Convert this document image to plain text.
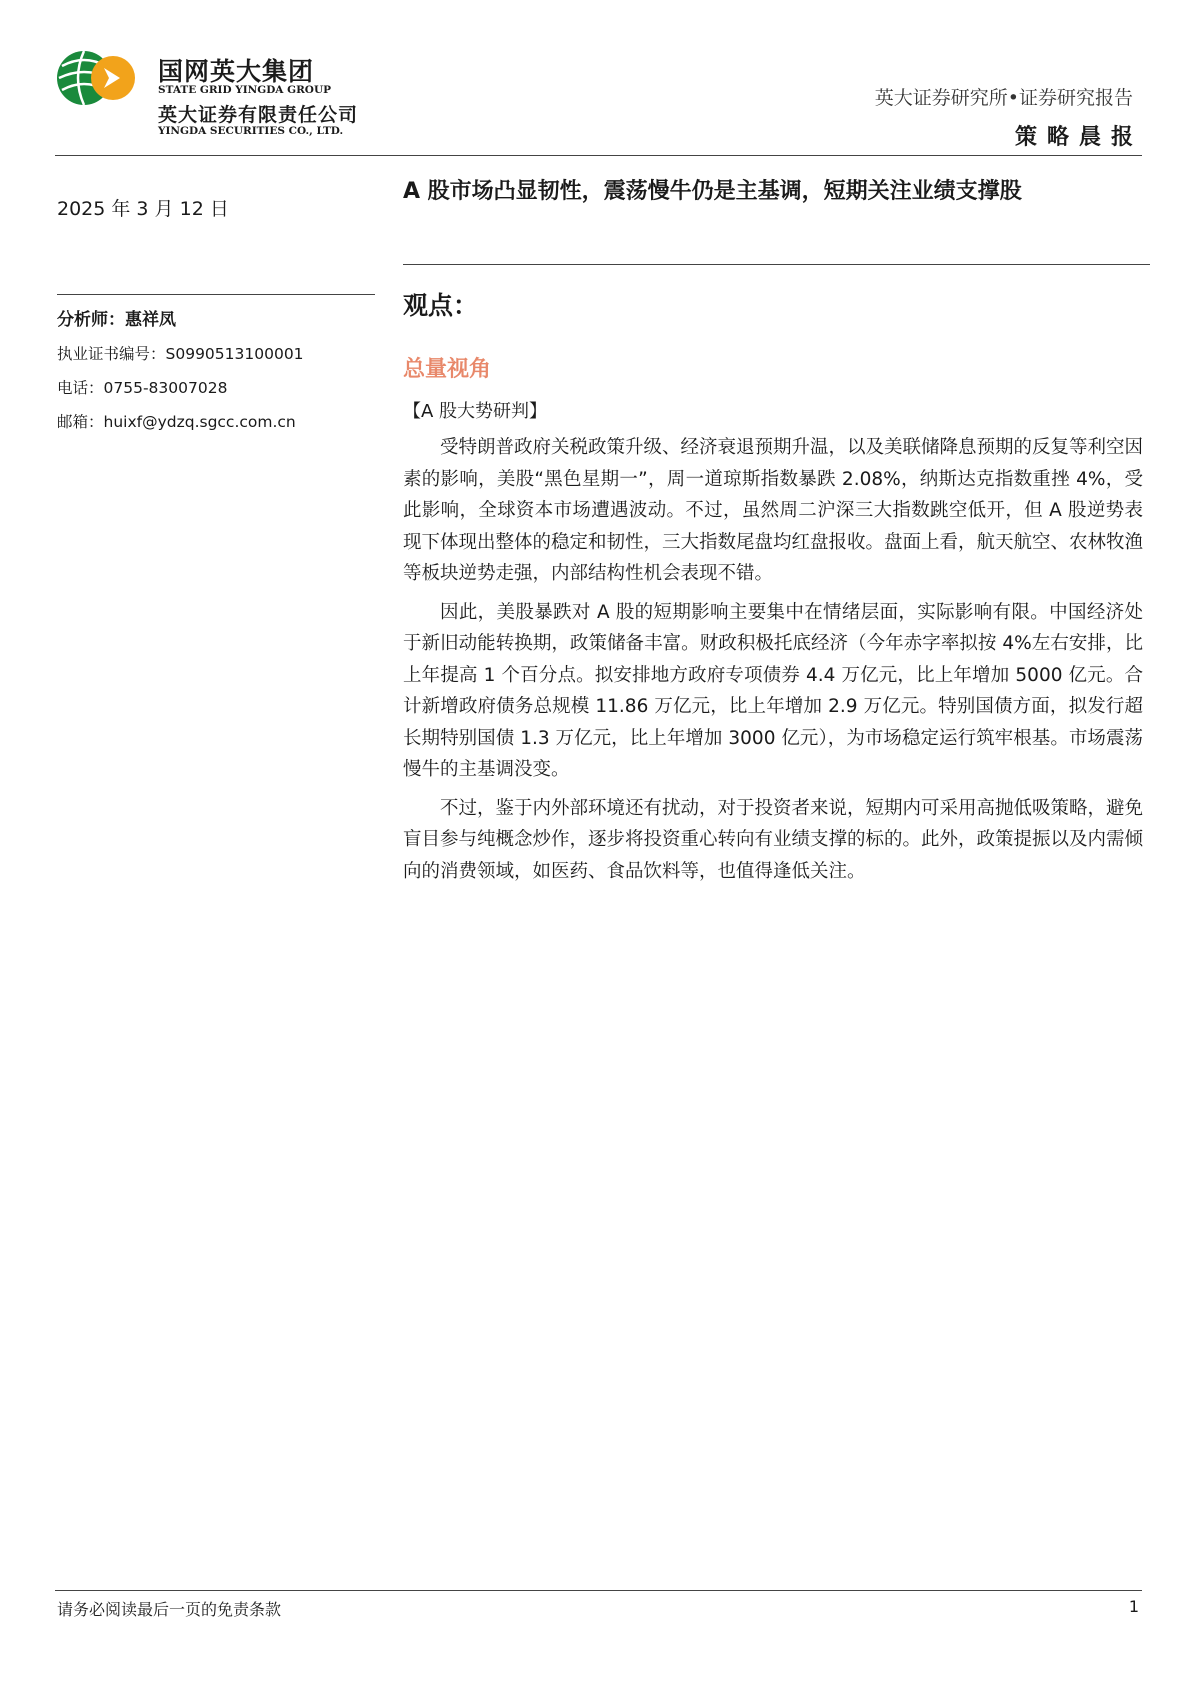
国网英大集团
STATE GRID YINGDA GROUP
英大证券有限责任公司
YINGDA SECURITIES CO., LTD.
英大证券研究所•证券研究报告
策略晨报
2025 年 3 月 12 日
分析师：惠祥凤
执业证书编号：S0990513100001
电话：0755-83007028
邮箱：huixf@ydzq.sgcc.com.cn
A 股市场凸显韧性，震荡慢牛仍是主基调，短期关注业绩支撑股
观点：
总量视角
【A 股大势研判】

受特朗普政府关税政策升级、经济衰退预期升温，以及美联储降息预期的反复等利空因素的影响，美股“黑色星期一”，周一道琼斯指数暴跌 2.08%，纳斯达克指数重挫 4%，受此影响，全球资本市场遭遇波动。不过，虽然周二沪深三大指数跳空低开，但 A 股逆势表现下体现出整体的稳定和韧性，三大指数尾盘均红盘报收。盘面上看，航天航空、农林牧渔等板块逆势走强，内部结构性机会表现不错。

因此，美股暴跌对 A 股的短期影响主要集中在情绪层面，实际影响有限。中国经济处于新旧动能转换期，政策储备丰富。财政积极托底经济（今年赤字率拟按 4%左右安排，比上年提高 1 个百分点。拟安排地方政府专项债券 4.4 万亿元，比上年增加 5000 亿元。合计新增政府债务总规模 11.86 万亿元，比上年增加 2.9 万亿元。特别国债方面，拟发行超长期特别国债 1.3 万亿元，比上年增加 3000 亿元），为市场稳定运行筑牢根基。市场震荡慢牛的主基调没变。

不过，鉴于内外部环境还有扰动，对于投资者来说，短期内可采用高抛低吸策略，避免盲目参与纯概念炒作，逐步将投资重心转向有业绩支撑的标的。此外，政策提振以及内需倾向的消费领域，如医药、食品饮料等，也值得逢低关注。

请务必阅读最后一页的免责条款	1
